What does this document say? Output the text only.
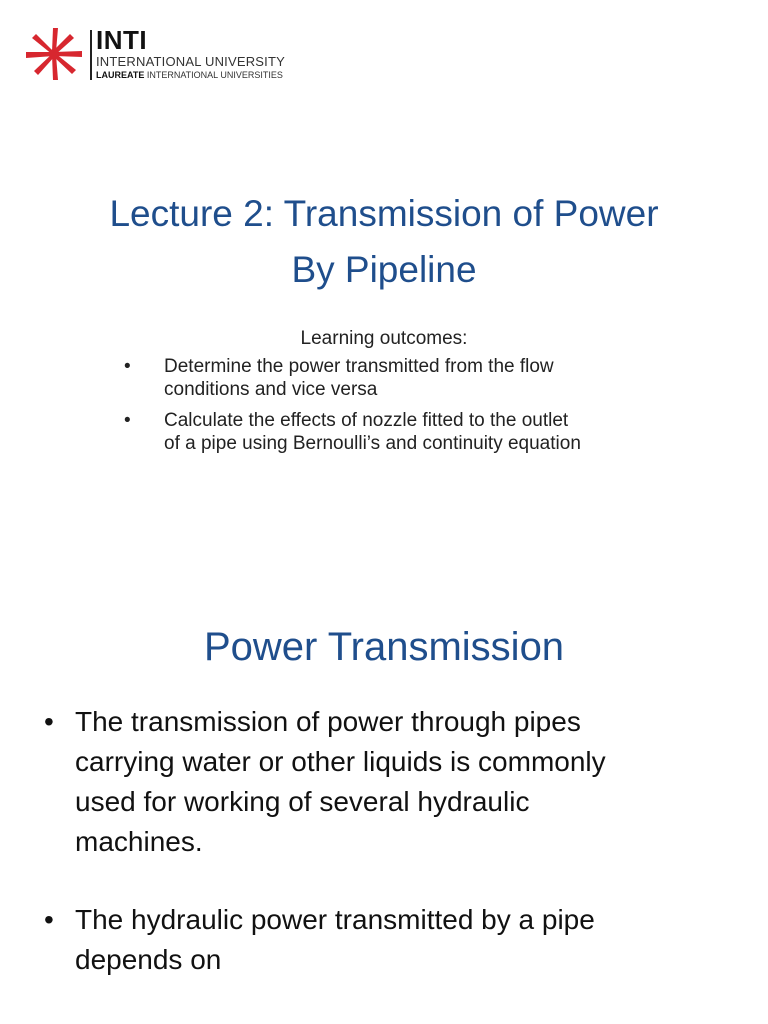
INTI
INTERNATIONAL UNIVERSITY
LAUREATE INTERNATIONAL UNIVERSITIES
Lecture 2: Transmission of Power
By Pipeline
Learning outcomes:
• Determine the power transmitted from the flow
conditions and vice versa
• Calculate the effects of nozzle fitted to the outlet
of a pipe using Bernoulli’s and continuity equation
Power Transmission
• The transmission of power through pipes
carrying water or other liquids is commonly
used for working of several hydraulic
machines.
• The hydraulic power transmitted by a pipe
depends on
